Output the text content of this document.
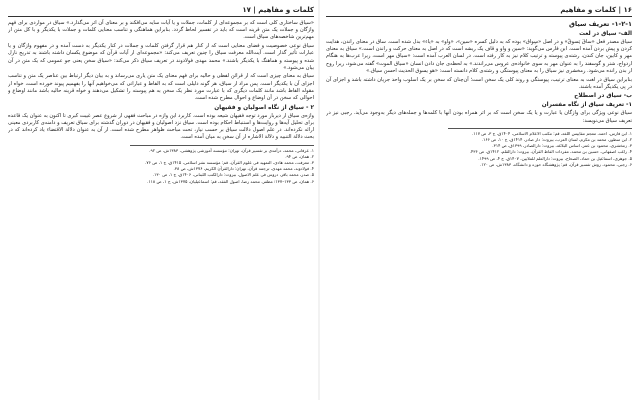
کلمات و مفاهیم | ۱۷

«سیاق ساختاری کلی است که بر مجموعه‌ای از کلمات، جملات و یا آیات سایه می‌افکند و بر معنای آن اثر می‌گذارد.» سیاق در مواردی برای فهم واژگان و جملات یک متن قرینه است که باید در تفسیر لحاظ گردد. بنابراین هماهنگی و تناسب معنایی کلمات و جملات با یکدیگر و با کل متن از مهم‌ترین شاخصه‌های سیاق است.

سیاق نوعی خصوصیت و فضای معنایی است که از کنار هم قرار گرفتن کلمات و جملات در کنار یکدیگر به دست آمده و در مفهوم واژگان و یا عبارات تأثیر گذار است. آیت‌الله معرفت سیاق را چنین تعریف می‌کند: «مجموعه‌ای از آیات قرآن که موضوع یکسان داشته باشند به تدریج نازل شده و پیوسته و هماهنگ با یکدیگر باشند.» محمد مهدی فولادوند در تعریف سیاق ذکر می‌کند: «سیاق سخن یعنی جو عمومی که یک متن در آن بیان می‌شود.»

سیاق به معنای چیزی است که از قرائن لفظی و حالیه برای فهم معنای یک متن یاری می‌رساند و به بیان دیگر ارتباط بین عناصر یک متن و تناسب اجزای آن با یکدیگر است. پس مراد از سیاق، هر گونه دلیلی است که به الفاظ و عباراتی که می‌خواهیم آنها را بفهمیم پیوند خورده است، خواه از مقوله الفاظ باشد مانند کلمات دیگری که با عبارت مورد نظر یک سخن به هم پیوسته را تشکیل می‌دهند و خواه قرینه حالیه باشد مانند اوضاع و احوالی که سخن در آن اوضاع و احوال مطرح شده است.

۲ - سیاق از نگاه اصولیان و فقیهان

واژه‌ی سیاق از دیرباز مورد توجه فقیهان شیعه بوده است. کاربرد این واژه در مباحث فقهی از شروع عصر غیبت کبری تا اکنون به عنوان یک قاعده برای تحلیل آیه‌ها و روایت‌ها و استنباط احکام بوده است. سیاق نزد اصولیان و فقیهان در دوران گذشته برای سیاق تعریف و دامنه‌ی کاربردی معینی ارائه نکرده‌اند. در علم اصول دلالت سیاق بر حسب نیاز، تحت مباحث ظواهر مطرح شده است. از آن به عنوان دلالة الاقتضاء یاد کرده‌اند که در بحث دلالة التنبیه و دلالة الاشاره از آن سخن به میان آمده است.

۱. عرفانی، محمد، درآمدی بر تفسیر قرآن، تهران: مؤسسه آموزشی پژوهشی، ۱۳۸۳ش، ص ۹۲.

۲. همان، ص ۹۴.

۳. معرفت، محمد هادی، التمهید فی علوم القرآن، قم: مؤسسه نشر اسلامی، ۱۴۱۵ق، ج ۱، ص ۷۶.

۴. فولادوند، محمد مهدی، ترجمه قرآن، تهران: دارالقرآن الکریم، ۱۳۷۶ش، ص ۳۸.

۵. صدر، محمد باقر، دروس فی علم الاصول، بیروت: دارالکتب اللبنانی، ۱۴۰۶ق، ج ۱، ص ۱۳۰.

۶. همان، ص ۱۳۳–۱۳۷؛ مظفر، محمد رضا، اصول الفقه، قم: اسماعیلیان، ۱۳۷۵ش، ج ۱، ص ۱۱۸.

۱۶ | کلمات و مفاهیم
۱-۲-۱- تعریف سیاق
الف- سیاق در لغت

سیاق مصدر فعل «ساقَ یَسوقُ» و در اصل «سِواق» بوده که به دلیل کسره «سین»، «واو» به «یاء» بدل شده است. ساق در معنای راندن، هدایت کردن و پیش بردن آمده است. ابن فارس می‌گوید: «سین و واو و قاف یک ریشه است که در اصل به معنای حرکت و راندن است.» سیاق به معنای مهر و کابین، جان کندن، رشته‌ی پیوسته و ترتیب کلام نیز به کار رفته است. در لسان العرب آمده است: «سیاق مهر است، زیرا عرب‌ها به هنگام ازدواج، شتر و گوسفند را به عنوان مهر به سوی خانواده‌ی عروس می‌راندند.» به لحظه‌ی جان دادن انسان «سیاق الموت» گفته می‌شود، زیرا روح از بدن رانده می‌شود. زمخشری نیز سیاق را به معنای پیوستگی و رشته‌ی کلام دانسته است: «هو یسوق الحدیث احسن سیاق.»

بنابراین سیاق در لغت به معنای ترتیب، پیوستگی و روند کلی یک سخن است؛ آن‌چنان که سخن بر یک اسلوب واحد جریان داشته باشد و اجزای آن در پی یکدیگر آمده باشند.

ب- سیاق در اصطلاح
۱- تعریف سیاق از نگاه مفسران

سیاق نوعی ویژگی برای واژگان یا عبارت و یا یک سخن است که بر اثر همراه بودن آنها با کلمه‌ها و جمله‌های دیگر به‌وجود می‌آید. رجبی نیز در تعریف سیاق می‌نویسد:

۱. ابن فارس، احمد، معجم مقاییس اللغة، قم: مکتب الاعلام الاسلامی، ۱۴۰۴ق، ج ۳، ص ۱۱۷.

۲. ابن منظور، محمد بن مکرم، لسان العرب، بیروت: دار صادر، ۱۴۱۴ق، ج ۱۰، ص ۱۶۶.

۳. زمخشری، محمود بن عمر، اساس البلاغة، بیروت: دارالصادر، ۱۳۹۹ق، ص ۳۱۴.

۴. راغب اصفهانی، حسین بن محمد، مفردات الفاظ القرآن، بیروت: دارالقلم، ۱۴۱۲ق، ص ۴۳۶.

۵. جوهری، اسماعیل بن حماد، الصحاح، بیروت: دارالعلم للملایین، ۱۴۰۷ق، ج ۴، ص ۱۴۹۹.

۶. رجبی، محمود، روش تفسیر قرآن، قم: پژوهشگاه حوزه و دانشگاه، ۱۳۸۳ش، ص ۱۲۰.
